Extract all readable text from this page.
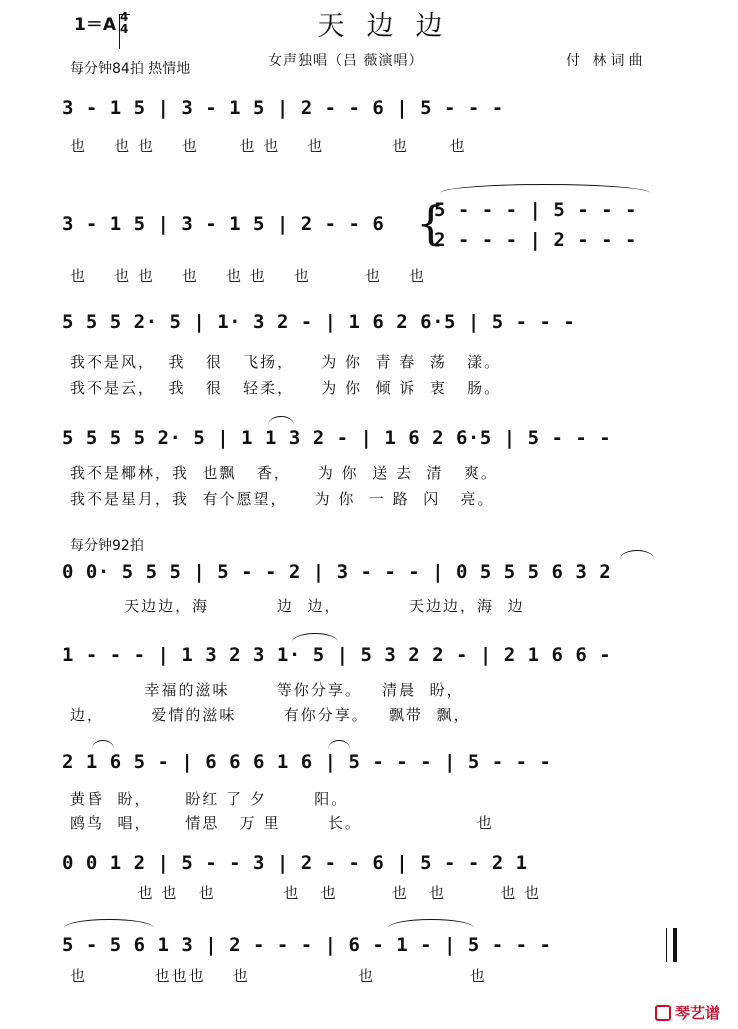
1＝A 4
4	天边边
每分钟84拍 热情地	女声独唱（吕 薇演唱）	付 林词曲
3 - 1 5 | 3 - 1 5 | 2 - - 6 | 5 - - -
也    也 也    也      也 也    也          也      也
3 - 1 5 | 3 - 1 5 | 2 - - 6 {
5 - - - | 5 - - -
2 - - - | 2 - - -
也    也 也    也    也 也    也        也    也
5 5 5 2· 5 | 1· 3 2 - | 1 6 2 6·5 | 5 - - -
我不是风，  我   很   飞扬，    为 你  青 春  荡   漾。
我不是云，  我   很   轻柔，    为 你  倾 诉  衷   肠。
5 5 5 5 2· 5 | 1 1 3 2 - | 1 6 2 6·5 | 5 - - -
我不是椰林，我  也飘   香，    为 你  送 去  清   爽。
我不是星月，我  有个愿望，    为 你  一 路  闪   亮。
每分钟92拍
0 0· 5 5 5 | 5 - - 2 | 3 - - - | 0 5 5 5 6 3 2
天边边，海          边  边，          天边边，海  边
1 - - - | 1 3 2 3 1· 5 | 5 3 2 2 - | 2 1 6 6 -
幸福的滋味       等你分享。   清晨  盼，
边，       爱情的滋味       有你分享。   飘带  飘，
2 1 6 5 - | 6 6 6 1 6 | 5 - - - | 5 - - -
黄昏  盼，     盼红 了 夕       阳。
鸥鸟  唱，     情思   万 里       长。                 也
0 0 1 2 | 5 - - 3 | 2 - - 6 | 5 - - 2 1
也 也   也          也   也        也   也        也 也
5 - 5 6 1 3 | 2 - - - | 6 - 1 - | 5 - - -
也          也也也    也                也              也
琴艺谱
